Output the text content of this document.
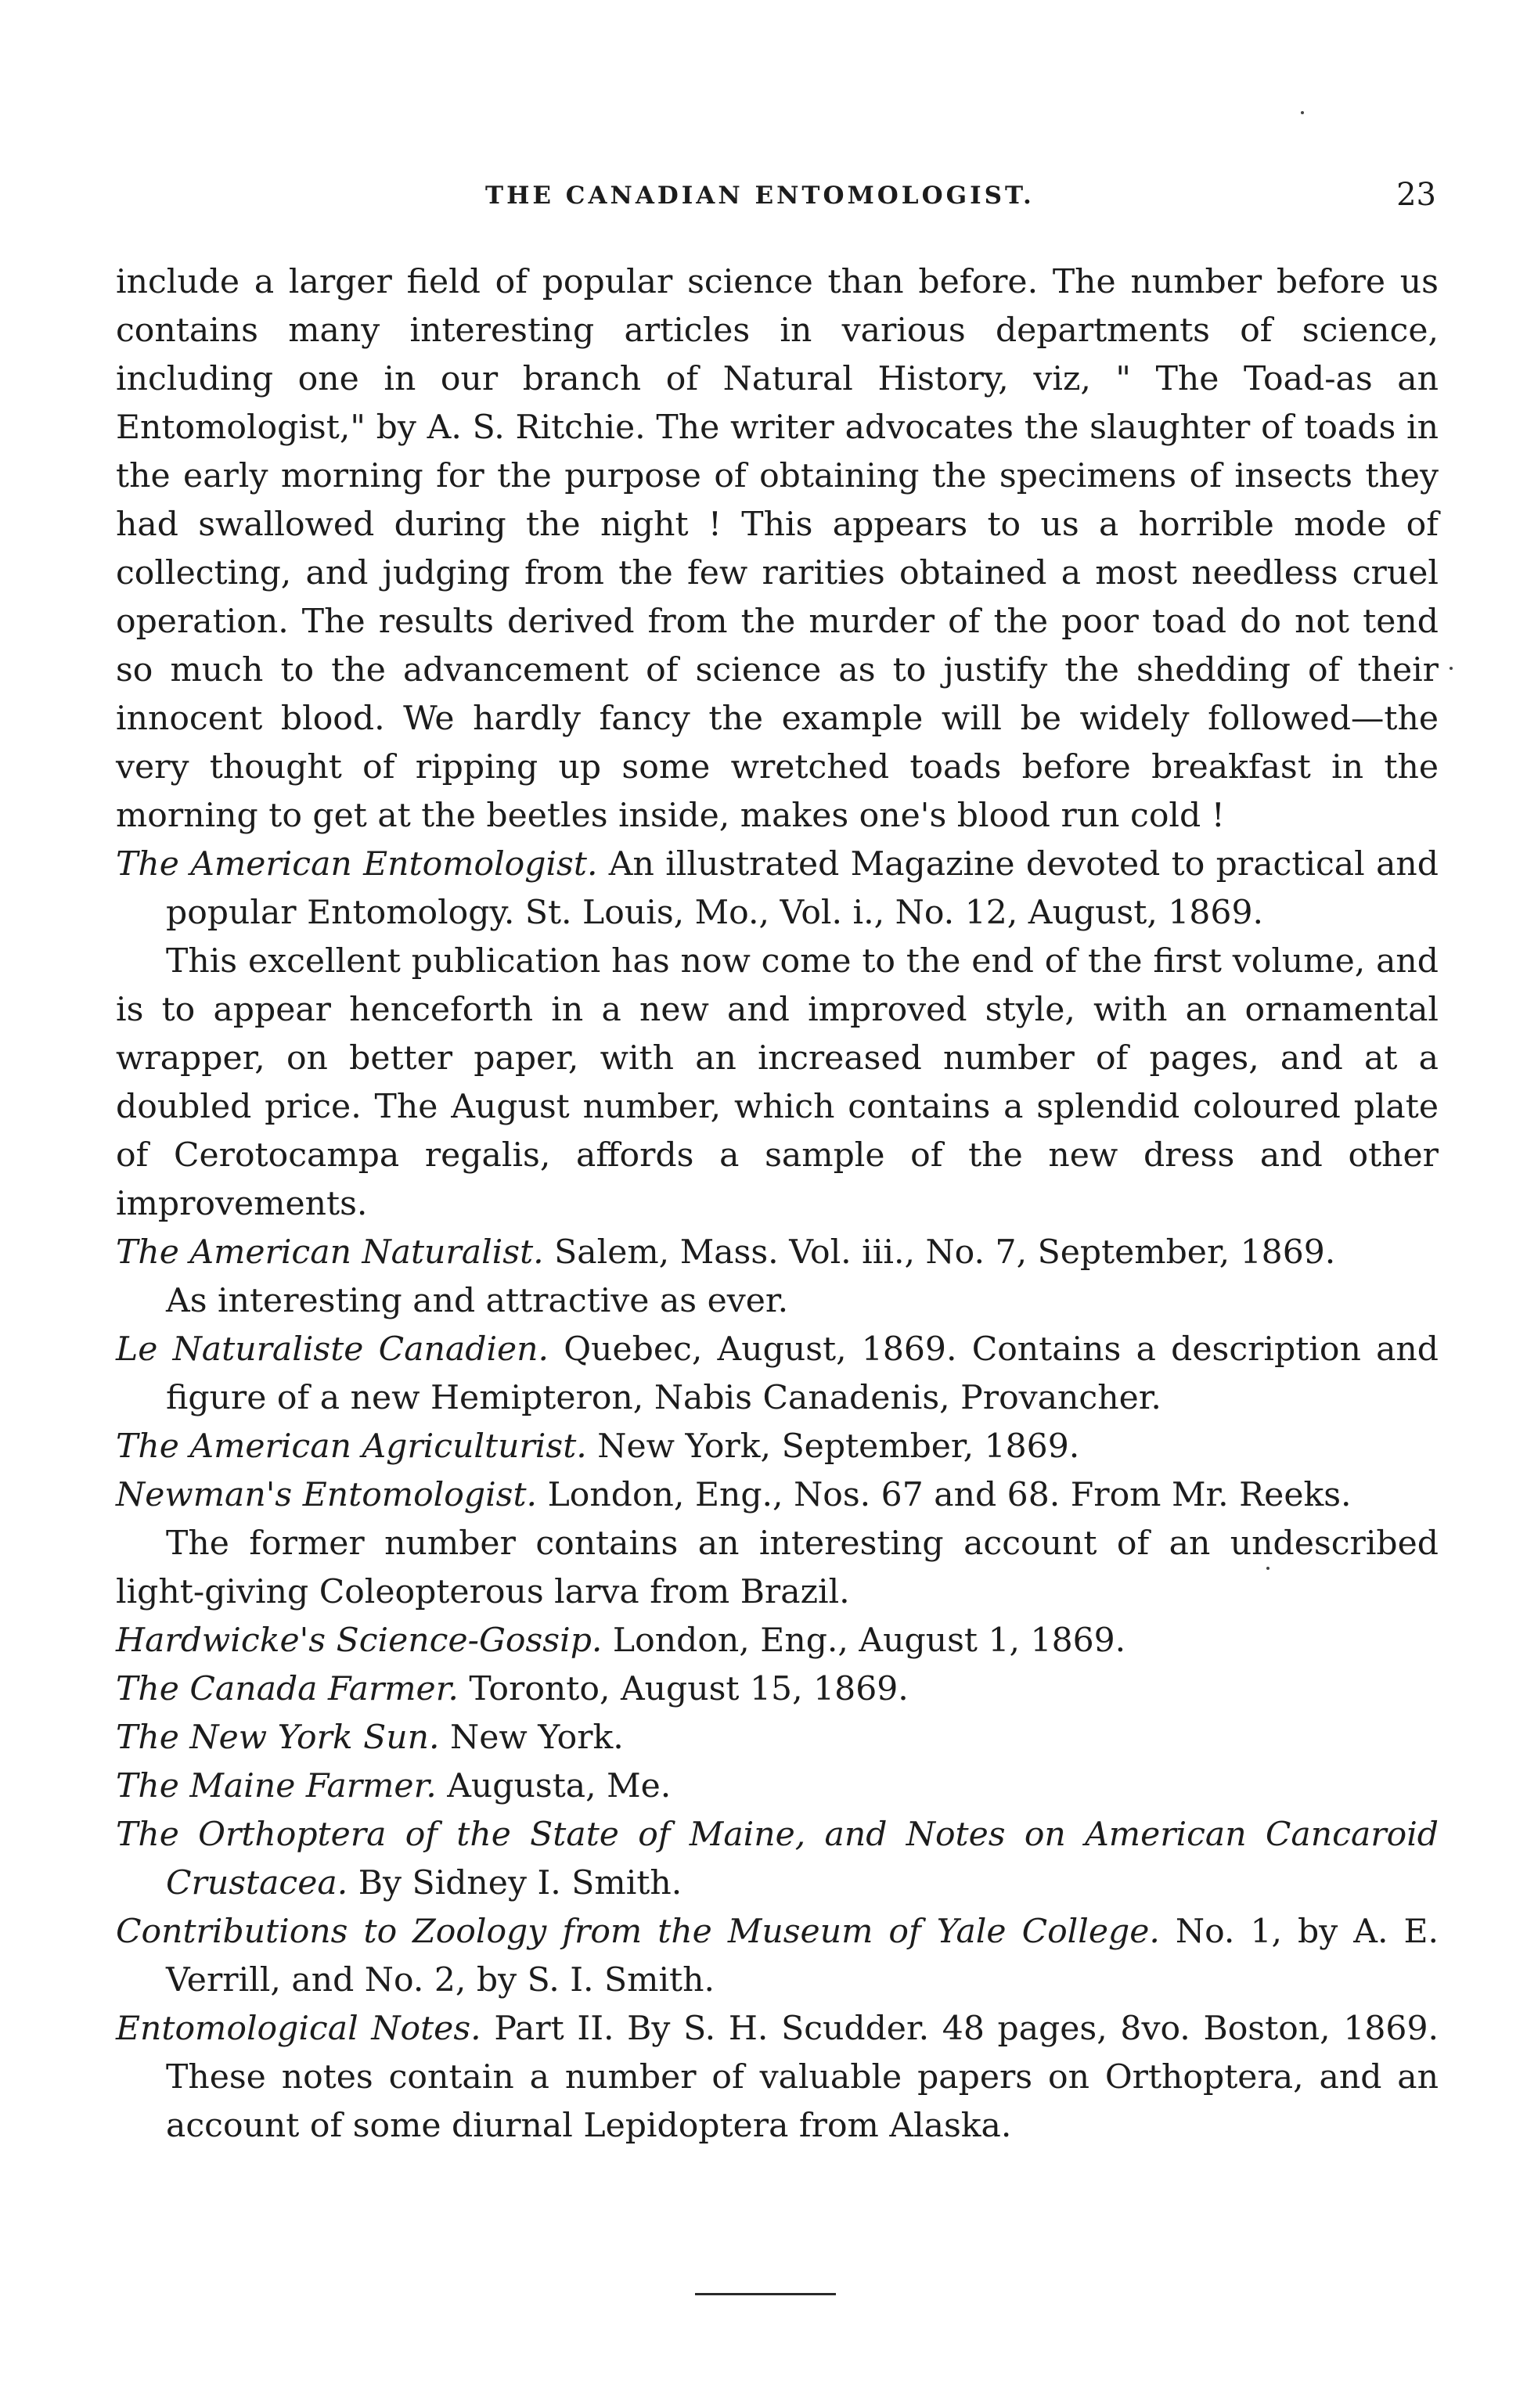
THE CANADIAN ENTOMOLOGIST.	23

include a larger field of popular science than before. The number before us contains many interesting articles in various departments of science, including one in our branch of Natural History, viz, " The Toad-as an Entomologist," by A. S. Ritchie. The writer advocates the slaughter of toads in the early morning for the purpose of obtaining the specimens of insects they had swallowed during the night ! This appears to us a horrible mode of collecting, and judging from the few rarities obtained a most needless cruel operation. The results derived from the murder of the poor toad do not tend so much to the advancement of science as to justify the shedding of their innocent blood. We hardly fancy the example will be widely followed—the very thought of ripping up some wretched toads before breakfast in the morning to get at the beetles inside, makes one's blood run cold !

The American Entomologist. An illustrated Magazine devoted to practical and popular Entomology. St. Louis, Mo., Vol. i., No. 12, August, 1869.

This excellent publication has now come to the end of the first volume, and is to appear henceforth in a new and improved style, with an ornamental wrapper, on better paper, with an increased number of pages, and at a doubled price. The August number, which contains a splendid coloured plate of Cerotocampa regalis, affords a sample of the new dress and other improvements.

The American Naturalist. Salem, Mass. Vol. iii., No. 7, September, 1869.

As interesting and attractive as ever.

Le Naturaliste Canadien. Quebec, August, 1869. Contains a description and figure of a new Hemipteron, Nabis Canadenis, Provancher.

The American Agriculturist. New York, September, 1869.

Newman's Entomologist. London, Eng., Nos. 67 and 68. From Mr. Reeks.

The former number contains an interesting account of an undescribed light-giving Coleopterous larva from Brazil.

Hardwicke's Science-Gossip. London, Eng., August 1, 1869.

The Canada Farmer. Toronto, August 15, 1869.

The New York Sun. New York.

The Maine Farmer. Augusta, Me.

The Orthoptera of the State of Maine, and Notes on American Cancaroid Crustacea. By Sidney I. Smith.

Contributions to Zoology from the Museum of Yale College. No. 1, by A. E. Verrill, and No. 2, by S. I. Smith.

Entomological Notes. Part II. By S. H. Scudder. 48 pages, 8vo. Boston, 1869. These notes contain a number of valuable papers on Orthoptera, and an account of some diurnal Lepidoptera from Alaska.
